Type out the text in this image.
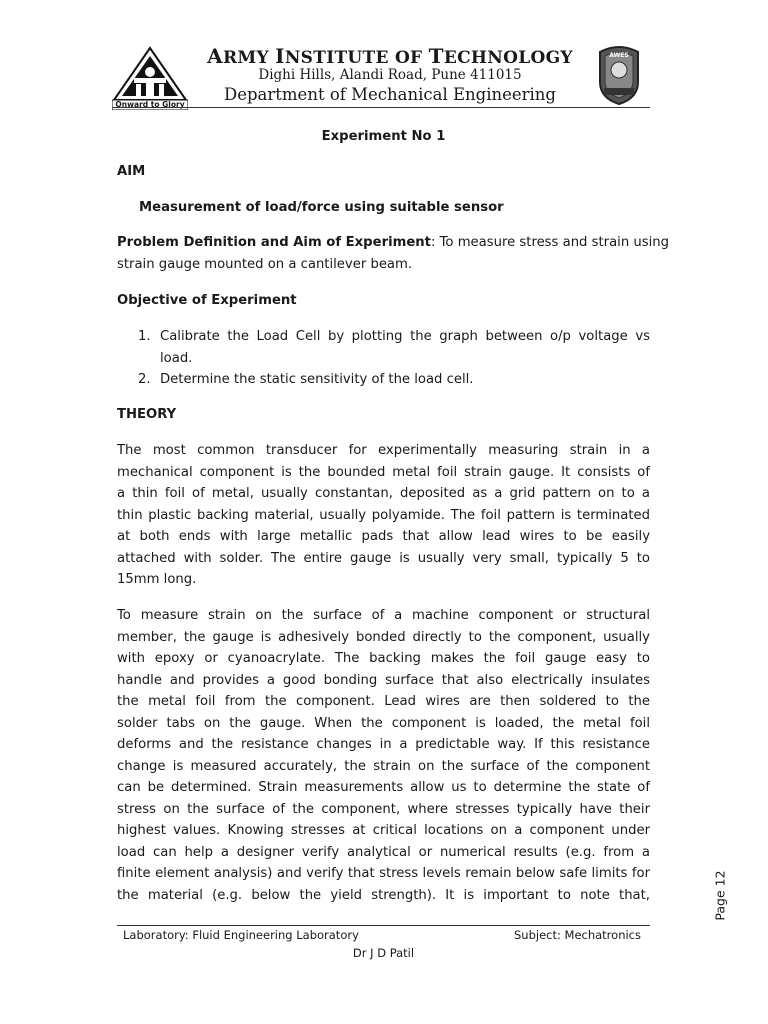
Onward to Glory
ARMY INSTITUTE OF TECHNOLOGY
Dighi Hills, Alandi Road, Pune 411015
Department of Mechanical Engineering
AWES
Experiment No 1
AIM
Measurement of load/force using suitable sensor
Problem Definition and Aim of Experiment: To measure stress and strain using
strain gauge mounted on a cantilever beam.
Objective of Experiment
1. Calibrate the Load Cell by plotting the graph between o/p voltage vs
load.
2. Determine the static sensitivity of the load cell.
THEORY
The most common transducer for experimentally measuring strain in a
mechanical component is the bounded metal foil strain gauge. It consists of
a thin foil of metal, usually constantan, deposited as a grid pattern on to a
thin plastic backing material, usually polyamide. The foil pattern is terminated
at both ends with large metallic pads that allow lead wires to be easily
attached with solder. The entire gauge is usually very small, typically 5 to
15mm long.
To measure strain on the surface of a machine component or structural
member, the gauge is adhesively bonded directly to the component, usually
with epoxy or cyanoacrylate. The backing makes the foil gauge easy to
handle and provides a good bonding surface that also electrically insulates
the metal foil from the component. Lead wires are then soldered to the
solder tabs on the gauge. When the component is loaded, the metal foil
deforms and the resistance changes in a predictable way. If this resistance
change is measured accurately, the strain on the surface of the component
can be determined. Strain measurements allow us to determine the state of
stress on the surface of the component, where stresses typically have their
highest values. Knowing stresses at critical locations on a component under
load can help a designer verify analytical or numerical results (e.g. from a
finite element analysis) and verify that stress levels remain below safe limits for
the material (e.g. below the yield strength). It is important to note that,
Laboratory: Fluid Engineering Laboratory	Subject: Mechatronics
Dr J D Patil
Page 12
